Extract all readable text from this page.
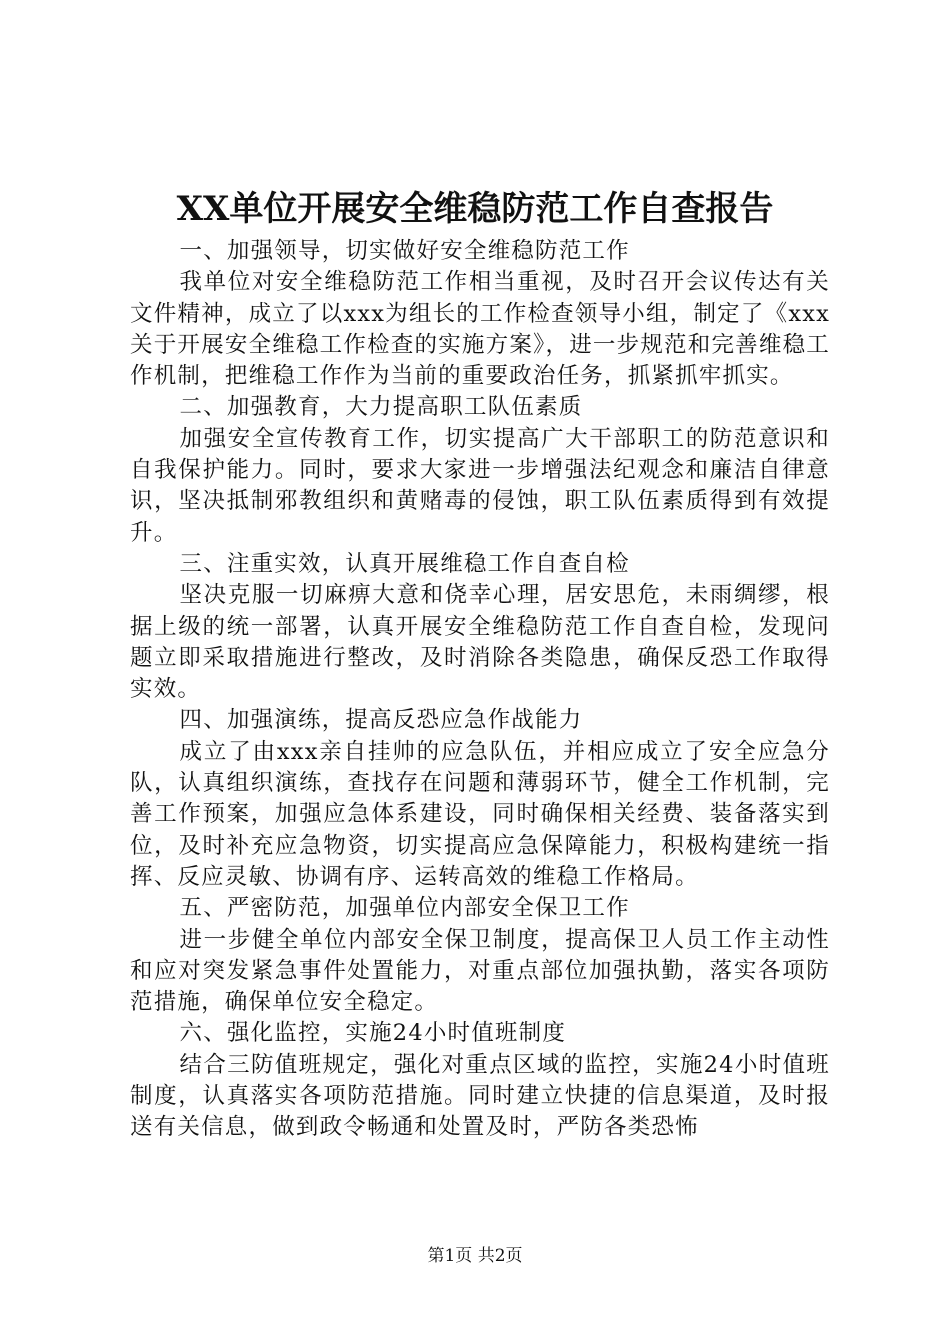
XX单位开展安全维稳防范工作自查报告

一、加强领导，切实做好安全维稳防范工作

我单位对安全维稳防范工作相当重视，及时召开会议传达有关文件精神，成立了以xxx为组长的工作检查领导小组，制定了《xxx关于开展安全维稳工作检查的实施方案》，进一步规范和完善维稳工作机制，把维稳工作作为当前的重要政治任务，抓紧抓牢抓实。

二、加强教育，大力提高职工队伍素质

加强安全宣传教育工作，切实提高广大干部职工的防范意识和自我保护能力。同时，要求大家进一步增强法纪观念和廉洁自律意识，坚决抵制邪教组织和黄赌毒的侵蚀，职工队伍素质得到有效提升。

三、注重实效，认真开展维稳工作自查自检

坚决克服一切麻痹大意和侥幸心理，居安思危，未雨绸缪，根据上级的统一部署，认真开展安全维稳防范工作自查自检，发现问题立即采取措施进行整改，及时消除各类隐患，确保反恐工作取得实效。

四、加强演练，提高反恐应急作战能力

成立了由xxx亲自挂帅的应急队伍，并相应成立了安全应急分队，认真组织演练，查找存在问题和薄弱环节，健全工作机制，完善工作预案，加强应急体系建设，同时确保相关经费、装备落实到位，及时补充应急物资，切实提高应急保障能力，积极构建统一指挥、反应灵敏、协调有序、运转高效的维稳工作格局。

五、严密防范，加强单位内部安全保卫工作

进一步健全单位内部安全保卫制度，提高保卫人员工作主动性和应对突发紧急事件处置能力，对重点部位加强执勤，落实各项防范措施，确保单位安全稳定。

六、强化监控，实施24小时值班制度

结合三防值班规定，强化对重点区域的监控，实施24小时值班制度，认真落实各项防范措施。同时建立快捷的信息渠道，及时报送有关信息，做到政令畅通和处置及时，严防各类恐怖

第1页 共2页
